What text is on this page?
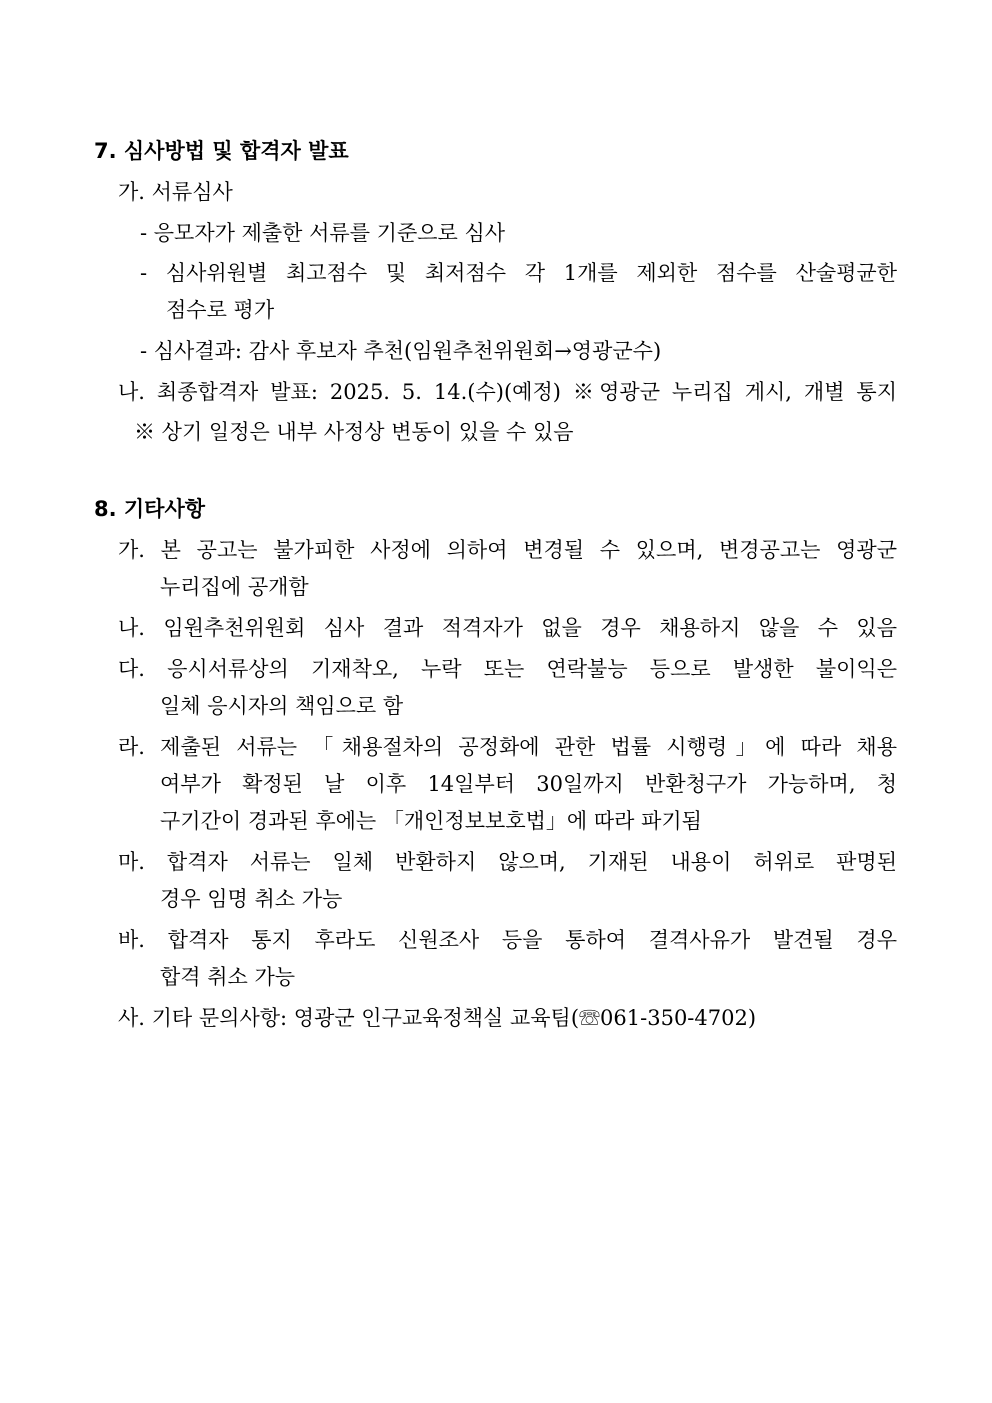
7. 심사방법 및 합격자 발표
가. 서류심사
- 응모자가 제출한 서류를 기준으로 심사
- 심사위원별 최고점수 및 최저점수 각 1개를 제외한 점수를 산술평균한
점수로 평가
- 심사결과: 감사 후보자 추천(임원추천위원회→영광군수)
나. 최종합격자 발표: 2025. 5. 14.(수)(예정) ※영광군 누리집 게시, 개별 통지
※ 상기 일정은 내부 사정상 변동이 있을 수 있음
8. 기타사항
가. 본 공고는 불가피한 사정에 의하여 변경될 수 있으며, 변경공고는 영광군
누리집에 공개함
나. 임원추천위원회 심사 결과 적격자가 없을 경우 채용하지 않을 수 있음
다. 응시서류상의 기재착오, 누락 또는 연락불능 등으로 발생한 불이익은
일체 응시자의 책임으로 함
라. 제출된 서류는 「채용절차의 공정화에 관한 법률 시행령」에 따라 채용
여부가 확정된 날 이후 14일부터 30일까지 반환청구가 가능하며, 청
구기간이 경과된 후에는 「개인정보보호법」에 따라 파기됨
마. 합격자 서류는 일체 반환하지 않으며, 기재된 내용이 허위로 판명된
경우 임명 취소 가능
바. 합격자 통지 후라도 신원조사 등을 통하여 결격사유가 발견될 경우
합격 취소 가능
사. 기타 문의사항: 영광군 인구교육정책실 교육팀(☏061-350-4702)
